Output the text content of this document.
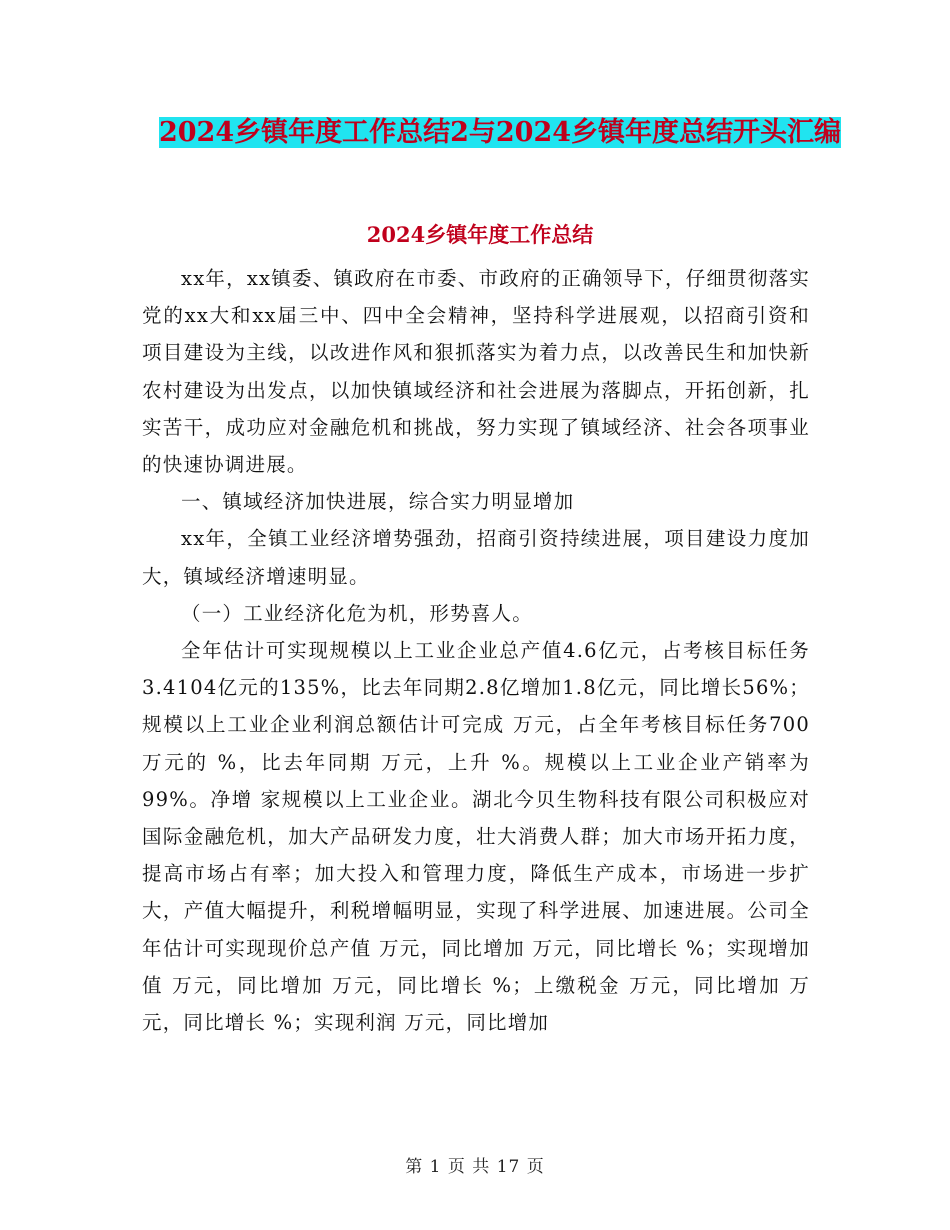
2024乡镇年度工作总结2与2024乡镇年度总结开头汇编
2024乡镇年度工作总结

xx年，xx镇委、镇政府在市委、市政府的正确领导下，仔细贯彻落实党的xx大和xx届三中、四中全会精神，坚持科学进展观，以招商引资和项目建设为主线，以改进作风和狠抓落实为着力点，以改善民生和加快新农村建设为出发点，以加快镇域经济和社会进展为落脚点，开拓创新，扎实苦干，成功应对金融危机和挑战，努力实现了镇域经济、社会各项事业的快速协调进展。

一、镇域经济加快进展，综合实力明显增加

xx年，全镇工业经济增势强劲，招商引资持续进展，项目建设力度加大，镇域经济增速明显。

（一）工业经济化危为机，形势喜人。

全年估计可实现规模以上工业企业总产值4.6亿元，占考核目标任务3.4104亿元的135%，比去年同期2.8亿增加1.8亿元，同比增长56%；规模以上工业企业利润总额估计可完成 万元，占全年考核目标任务700万元的 %，比去年同期 万元，上升 %。规模以上工业企业产销率为99%。净增 家规模以上工业企业。湖北今贝生物科技有限公司积极应对国际金融危机，加大产品研发力度，壮大消费人群；加大市场开拓力度，提高市场占有率；加大投入和管理力度，降低生产成本，市场进一步扩大，产值大幅提升，利税增幅明显，实现了科学进展、加速进展。公司全年估计可实现现价总产值 万元，同比增加 万元，同比增长 %；实现增加值 万元，同比增加 万元，同比增长 %；上缴税金 万元，同比增加 万元，同比增长 %；实现利润 万元，同比增加

第 1 页 共 17 页
